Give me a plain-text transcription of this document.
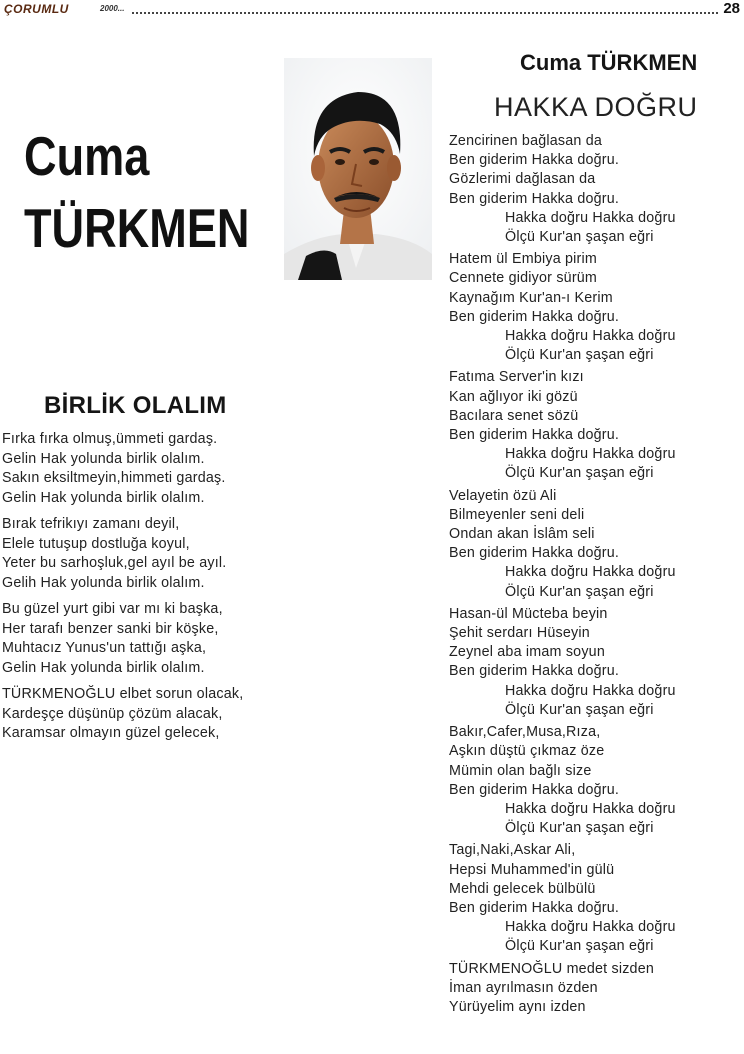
ÇORUMLU	2000...	28
Cuma
TÜRKMEN
BİRLİK OLALIM
Fırka fırka olmuş,ümmeti gardaş.
Gelin Hak yolunda birlik olalım.
Sakın eksiltmeyin,himmeti gardaş.
Gelin Hak yolunda birlik olalım.
Bırak tefrikıyı zamanı deyil,
Elele tutuşup dostluğa koyul,
Yeter bu sarhoşluk,gel ayıl be ayıl.
Gelih Hak yolunda birlik olalım.
Bu güzel yurt gibi var mı ki başka,
Her tarafı benzer sanki bir köşke,
Muhtacız Yunus'un tattığı aşka,
Gelin Hak yolunda birlik olalım.
TÜRKMENOĞLU elbet sorun olacak,
Kardeşçe düşünüp çözüm alacak,
Karamsar olmayın güzel gelecek,
Cuma TÜRKMEN
HAKKA DOĞRU
Zencirinen bağlasan da
Ben giderim Hakka doğru.
Gözlerimi dağlasan da
Ben giderim Hakka doğru.
Hakka doğru Hakka doğru
Ölçü Kur'an şaşan eğri
Hatem ül Embiya pirim
Cennete gidiyor sürüm
Kaynağım Kur'an-ı Kerim
Ben giderim Hakka doğru.
Hakka doğru Hakka doğru
Ölçü Kur'an şaşan eğri
Fatıma Server'in kızı
Kan ağlıyor iki gözü
Bacılara senet sözü
Ben giderim Hakka doğru.
Hakka doğru Hakka doğru
Ölçü Kur'an şaşan eğri
Velayetin özü Ali
Bilmeyenler seni deli
Ondan akan İslâm seli
Ben giderim Hakka doğru.
Hakka doğru Hakka doğru
Ölçü Kur'an şaşan eğri
Hasan-ül Mücteba beyin
Şehit serdarı Hüseyin
Zeynel aba imam soyun
Ben giderim Hakka doğru.
Hakka doğru Hakka doğru
Ölçü Kur'an şaşan eğri
Bakır,Cafer,Musa,Rıza,
Aşkın düştü çıkmaz öze
Mümin olan bağlı size
Ben giderim Hakka doğru.
Hakka doğru Hakka doğru
Ölçü Kur'an şaşan eğri
Tagi,Naki,Askar Ali,
Hepsi Muhammed'in gülü
Mehdi gelecek bülbülü
Ben giderim Hakka doğru.
Hakka doğru Hakka doğru
Ölçü Kur'an şaşan eğri
TÜRKMENOĞLU medet sizden
İman ayrılmasın özden
Yürüyelim aynı izden
